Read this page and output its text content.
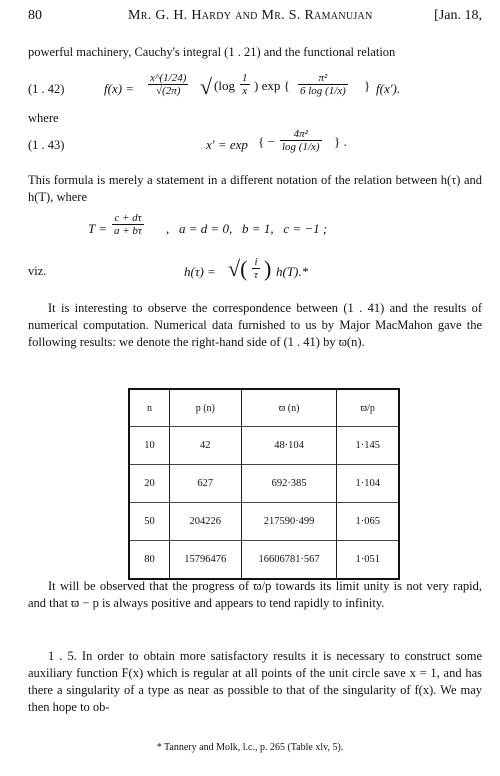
80	Mr. G. H. Hardy and Mr. S. Ramanujan	[Jan. 18,
powerful machinery, Cauchy's integral (1 . 21) and the functional relation
(1 . 42)	$f(x) = \frac{x\^{}(1/24)}{√(2\pi)}$ √ ($\log \frac{1}{x}$ ) exp { $\frac{\text{π²}}{6 \log (1/x)}$ } f(x′).
where
(1 . 43)	x′ = exp { − $\frac{\text{4π²}}{\log (1/x)}$ } .
This formula is merely a statement in a different notation of the relation between h(τ) and h(T), where
$T = \frac{c + d\tau}{a + b\tau}$ ,   a = d = 0,   b = 1,   c = −1 ;
viz.	h(τ) = √( $\frac{i}{\tau}$ ) h(T).*
It is interesting to observe the correspondence between (1 . 41) and the results of numerical computation. Numerical data furnished to us by Major MacMahon gave the following results: we denote the right-hand side of (1 . 41) by ϖ(n).
n	p (n)	ϖ (n)	ϖ/p
10	42	48·104	1·145
20	627	692·385	1·104
50	204226	217590·499	1·065
80	15796476	16606781·567	1·051
It will be observed that the progress of ϖ/p towards its limit unity is not very rapid, and that ϖ − p is always positive and appears to tend rapidly to infinity.
1 . 5. In order to obtain more satisfactory results it is necessary to construct some auxiliary function F(x) which is regular at all points of the unit circle save x = 1, and has there a singularity of a type as near as possible to that of the singularity of f(x). We may then hope to ob-
* Tannery and Molk, l.c., p. 265 (Table xlv, 5).
